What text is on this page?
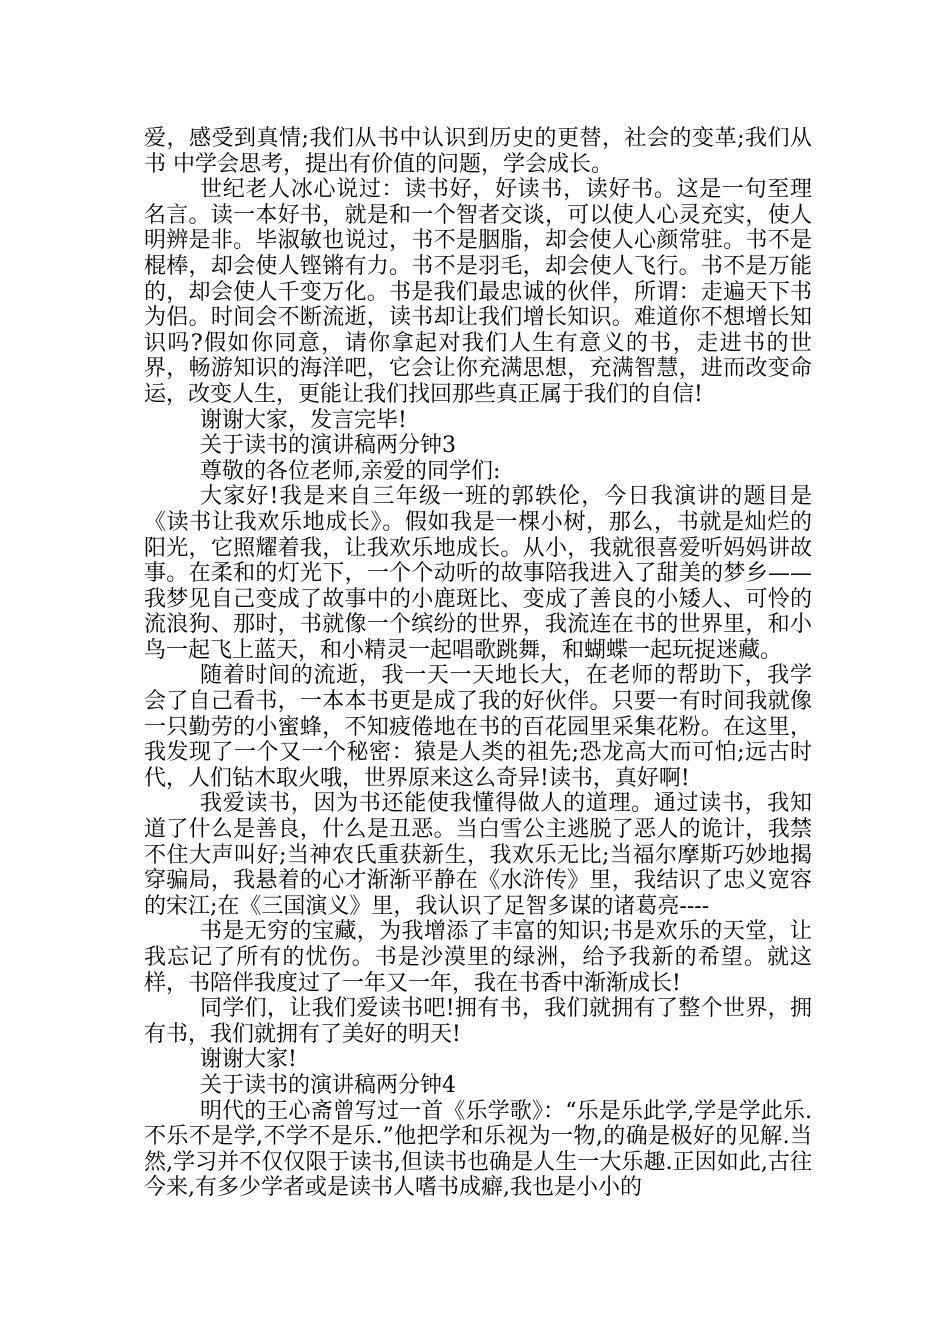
爱，感受到真情;我们从书中认识到历史的更替，社会的变革;我们从书 中学会思考，提出有价值的问题，学会成长。

世纪老人冰心说过：读书好，好读书，读好书。这是一句至理名言。读一本好书，就是和一个智者交谈，可以使人心灵充实，使人明辨是非。毕淑敏也说过，书不是胭脂，却会使人心颜常驻。书不是棍棒，却会使人铿锵有力。书不是羽毛，却会使人飞行。书不是万能的，却会使人千变万化。书是我们最忠诚的伙伴，所谓：走遍天下书为侣。时间会不断流逝，读书却让我们增长知识。难道你不想增长知识吗?假如你同意，请你拿起对我们人生有意义的书，走进书的世界，畅游知识的海洋吧，它会让你充满思想，充满智慧，进而改变命运，改变人生，更能让我们找回那些真正属于我们的自信!

谢谢大家，发言完毕!

关于读书的演讲稿两分钟3

尊敬的各位老师,亲爱的同学们:

大家好!我是来自三年级一班的郭轶伦，今日我演讲的题目是《读书让我欢乐地成长》。假如我是一棵小树，那么，书就是灿烂的阳光，它照耀着我，让我欢乐地成长。从小，我就很喜爱听妈妈讲故事。在柔和的灯光下，一个个动听的故事陪我进入了甜美的梦乡——我梦见自己变成了故事中的小鹿斑比、变成了善良的小矮人、可怜的流浪狗、那时，书就像一个缤纷的世界，我流连在书的世界里，和小鸟一起飞上蓝天，和小精灵一起唱歌跳舞，和蝴蝶一起玩捉迷藏。

随着时间的流逝，我一天一天地长大，在老师的帮助下，我学会了自己看书，一本本书更是成了我的好伙伴。只要一有时间我就像一只勤劳的小蜜蜂，不知疲倦地在书的百花园里采集花粉。在这里，我发现了一个又一个秘密：猿是人类的祖先;恐龙高大而可怕;远古时代，人们钻木取火哦，世界原来这么奇异!读书，真好啊!

我爱读书，因为书还能使我懂得做人的道理。通过读书，我知道了什么是善良，什么是丑恶。当白雪公主逃脱了恶人的诡计，我禁不住大声叫好;当神农氏重获新生，我欢乐无比;当福尔摩斯巧妙地揭穿骗局，我悬着的心才渐渐平静在《水浒传》里，我结识了忠义宽容的宋江;在《三国演义》里，我认识了足智多谋的诸葛亮----

书是无穷的宝藏，为我增添了丰富的知识;书是欢乐的天堂，让我忘记了所有的忧伤。书是沙漠里的绿洲，给予我新的希望。就这样，书陪伴我度过了一年又一年，我在书香中渐渐成长!

同学们，让我们爱读书吧!拥有书，我们就拥有了整个世界，拥有书，我们就拥有了美好的明天!

谢谢大家!

关于读书的演讲稿两分钟4

明代的王心斋曾写过一首《乐学歌》：“乐是乐此学,学是学此乐.不乐不是学,不学不是乐.”他把学和乐视为一物,的确是极好的见解.当然,学习并不仅仅限于读书,但读书也确是人生一大乐趣.正因如此,古往今来,有多少学者或是读书人嗜书成癖,我也是小小的
